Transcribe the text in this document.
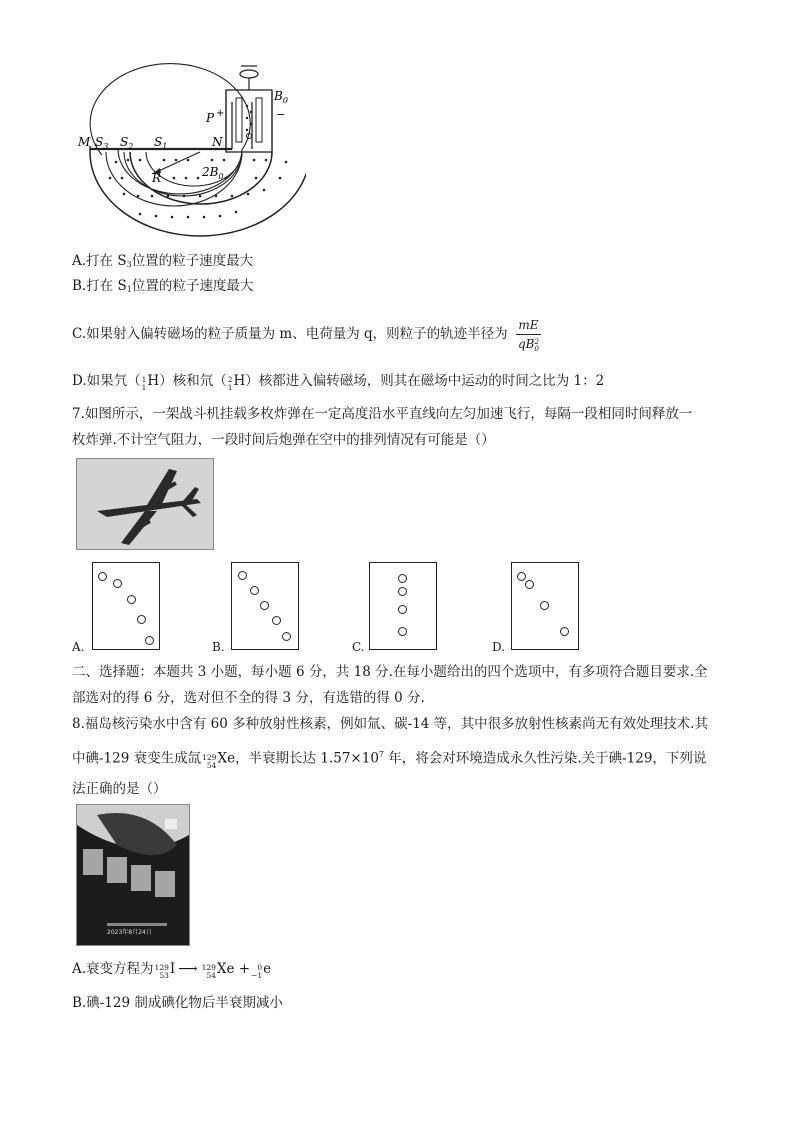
M $S_3$ $S_2$ $S_1$	N
P +	−
$B_0$
R	$2B_0$
A.打在 $S_3$位置的粒子速度最大
B.打在 $S_1$位置的粒子速度最大
C.如果射入偏转磁场的粒子质量为 m、电荷量为 q，则粒子的轨迹半径为 mE
qB 2
0
D.如果氕（ 1
1 H）核和氘（ 2
1 H）核都进入偏转磁场，则其在磁场中运动的时间之比为 1：2
7.如图所示，一架战斗机挂载多枚炸弹在一定高度沿水平直线向左匀加速飞行，每隔一段相同时间释放一
枚炸弹.不计空气阻力，一段时间后炮弹在空中的排列情况有可能是（）
A.	B.	C.	D.
二、选择题：本题共 3 小题，每小题 6 分，共 18 分.在每小题给出的四个选项中，有多项符合题目要求.全
部选对的得 6 分，选对但不全的得 3 分，有选错的得 0 分.
8.福岛核污染水中含有 60 多种放射性核素，例如氚、碳-14 等，其中很多放射性核素尚无有效处理技术.其
中碘-129 衰变生成氙 129
54 Xe，半衰期长达 $1.57\times 10^7$ 年，将会对环境造成永久性污染.关于碘-129，下列说
法正确的是（）
2023年8月24日
A.衰变方程为 129
53 I ⟶ 129
54 Xe + 0
−1 e
B.碘-129 制成碘化物后半衰期减小
